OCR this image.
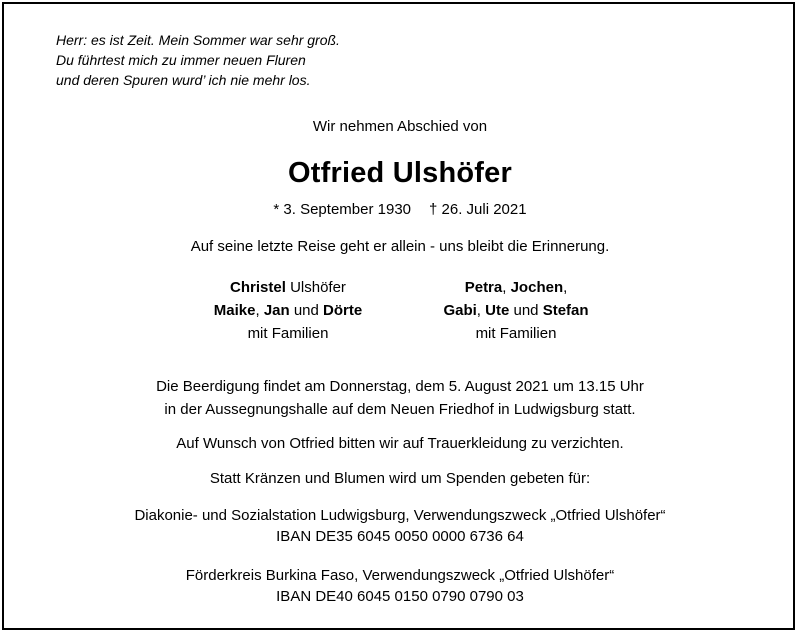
Herr: es ist Zeit. Mein Sommer war sehr groß.
Du führtest mich zu immer neuen Fluren
und deren Spuren wurd’ ich nie mehr los.
Wir nehmen Abschied von
Otfried Ulshöfer
* 3. September 1930 † 26. Juli 2021
Auf seine letzte Reise geht er allein - uns bleibt die Erinnerung.
Christel Ulshöfer
Maike, Jan und Dörte
mit Familien
Petra, Jochen,
Gabi, Ute und Stefan
mit Familien
Die Beerdigung findet am Donnerstag, dem 5. August 2021 um 13.15 Uhr
in der Aussegnungshalle auf dem Neuen Friedhof in Ludwigsburg statt.
Auf Wunsch von Otfried bitten wir auf Trauerkleidung zu verzichten.
Statt Kränzen und Blumen wird um Spenden gebeten für:
Diakonie- und Sozialstation Ludwigsburg, Verwendungszweck „Otfried Ulshöfer“
IBAN DE35 6045 0050 0000 6736 64
Förderkreis Burkina Faso, Verwendungszweck „Otfried Ulshöfer“
IBAN DE40 6045 0150 0790 0790 03
